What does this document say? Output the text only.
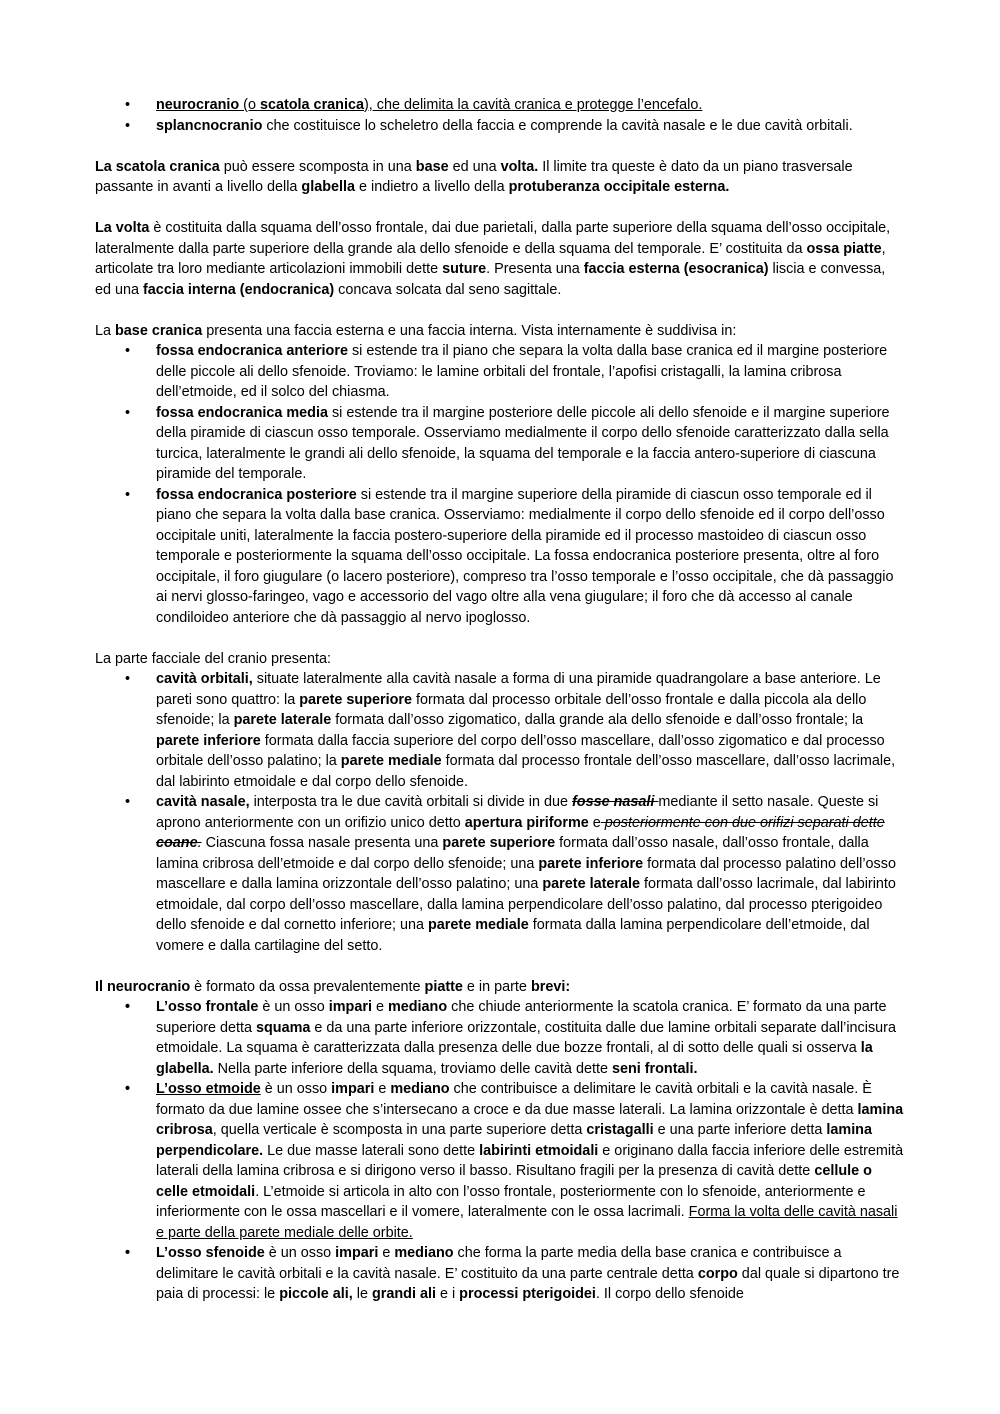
•	neurocranio (o scatola cranica), che delimita la cavità cranica e protegge l’encefalo.
•	splancnocranio che costituisce lo scheletro della faccia e comprende la cavità nasale e le due cavità orbitali.

La scatola cranica può essere scomposta in una base ed una volta. Il limite tra queste è dato da un piano trasversale passante in avanti a livello della glabella e indietro a livello della protuberanza occipitale esterna.

La volta è costituita dalla squama dell’osso frontale, dai due parietali, dalla parte superiore della squama dell’osso occipitale, lateralmente dalla parte superiore della grande ala dello sfenoide e della squama del temporale. E’ costituita da ossa piatte, articolate tra loro mediante articolazioni immobili dette suture. Presenta una faccia esterna (esocranica) liscia e convessa, ed una faccia interna (endocranica) concava solcata dal seno sagittale.

La base cranica presenta una faccia esterna e una faccia interna. Vista internamente è suddivisa in:

•	fossa endocranica anteriore si estende tra il piano che separa la volta dalla base cranica ed il margine posteriore delle piccole ali dello sfenoide. Troviamo: le lamine orbitali del frontale, l’apofisi cristagalli, la lamina cribrosa dell’etmoide, ed il solco del chiasma.
•	fossa endocranica media si estende tra il margine posteriore delle piccole ali dello sfenoide e il margine superiore della piramide di ciascun osso temporale. Osserviamo medialmente il corpo dello sfenoide caratterizzato dalla sella turcica, lateralmente le grandi ali dello sfenoide, la squama del temporale e la faccia antero-superiore di ciascuna piramide del temporale.
•	fossa endocranica posteriore si estende tra il margine superiore della piramide di ciascun osso temporale ed il piano che separa la volta dalla base cranica. Osserviamo: medialmente il corpo dello sfenoide ed il corpo dell’osso occipitale uniti, lateralmente la faccia postero-superiore della piramide ed il processo mastoideo di ciascun osso temporale e posteriormente la squama dell’osso occipitale. La fossa endocranica posteriore presenta, oltre al foro occipitale, il foro giugulare (o lacero posteriore), compreso tra l’osso temporale e l’osso occipitale, che dà passaggio ai nervi glosso-faringeo, vago e accessorio del vago oltre alla vena giugulare; il foro che dà accesso al canale condiloideo anteriore che dà passaggio al nervo ipoglosso.

La parte facciale del cranio presenta:

•	cavità orbitali, situate lateralmente alla cavità nasale a forma di una piramide quadrangolare a base anteriore. Le pareti sono quattro: la parete superiore formata dal processo orbitale dell’osso frontale e dalla piccola ala dello sfenoide; la parete laterale formata dall’osso zigomatico, dalla grande ala dello sfenoide e dall’osso frontale; la parete inferiore formata dalla faccia superiore del corpo dell’osso mascellare, dall’osso zigomatico e dal processo orbitale dell’osso palatino; la parete mediale formata dal processo frontale dell’osso mascellare, dall’osso lacrimale, dal labirinto etmoidale e dal corpo dello sfenoide.
•	cavità nasale, interposta tra le due cavità orbitali si divide in due fosse nasali mediante il setto nasale. Queste si aprono anteriormente con un orifizio unico detto apertura piriforme e posteriormente con due orifizi separati dette coane. Ciascuna fossa nasale presenta una parete superiore formata dall’osso nasale, dall’osso frontale, dalla lamina cribrosa dell’etmoide e dal corpo dello sfenoide; una parete inferiore formata dal processo palatino dell’osso mascellare e dalla lamina orizzontale dell’osso palatino; una parete laterale formata dall’osso lacrimale, dal labirinto etmoidale, dal corpo dell’osso mascellare, dalla lamina perpendicolare dell’osso palatino, dal processo pterigoideo dello sfenoide e dal cornetto inferiore; una parete mediale formata dalla lamina perpendicolare dell’etmoide, dal vomere e dalla cartilagine del setto.

Il neurocranio è formato da ossa prevalentemente piatte e in parte brevi:

•	L’osso frontale è un osso impari e mediano che chiude anteriormente la scatola cranica. E’ formato da una parte superiore detta squama e da una parte inferiore orizzontale, costituita dalle due lamine orbitali separate dall’incisura etmoidale. La squama è caratterizzata dalla presenza delle due bozze frontali, al di sotto delle quali si osserva la glabella. Nella parte inferiore della squama, troviamo delle cavità dette seni frontali.
•	L’osso etmoide è un osso impari e mediano che contribuisce a delimitare le cavità orbitali e la cavità nasale. È formato da due lamine ossee che s’intersecano a croce e da due masse laterali. La lamina orizzontale è detta lamina cribrosa, quella verticale è scomposta in una parte superiore detta cristagalli e una parte inferiore detta lamina perpendicolare. Le due masse laterali sono dette labirinti etmoidali e originano dalla faccia inferiore delle estremità laterali della lamina cribrosa e si dirigono verso il basso. Risultano fragili per la presenza di cavità dette cellule o celle etmoidali. L’etmoide si articola in alto con l’osso frontale, posteriormente con lo sfenoide, anteriormente e inferiormente con le ossa mascellari e il vomere, lateralmente con le ossa lacrimali. Forma la volta delle cavità nasali e parte della parete mediale delle orbite.
•	L’osso sfenoide è un osso impari e mediano che forma la parte media della base cranica e contribuisce a delimitare le cavità orbitali e la cavità nasale. E’ costituito da una parte centrale detta corpo dal quale si dipartono tre paia di processi: le piccole ali, le grandi ali e i processi pterigoidei. Il corpo dello sfenoide
